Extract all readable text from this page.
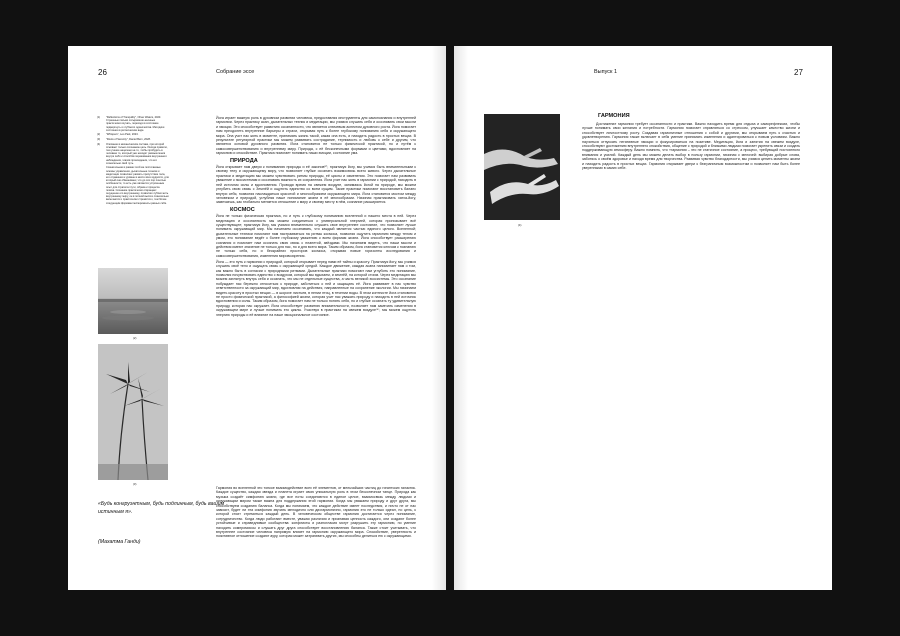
26	Собрание эссе
(1)	"Reflections of Tranquility", Oliver Waters, 2023. Страшные письмо отсыревшие-неонные практически изучать, переходя в состояние подвергнуть и глубокого одиночества. Методики состояния в ритмическом виде.
(2)	"Whispers", Leo Park, 2023.
(3)	"Roots of Serenity", Daniel Bern, 2028.
(4)	Описание в механическом составе, при которой отживает только осознанию цель. Иногда правило, тем учение нацелено на то, чтобы пробудить в человеке то, который уже находит размышления внутри себя и способов переживания внутреннего наблюдения, этапов прохождения, что его сознательно свой путь.
Сознательная в рамках этой же постигаемые основы управления, дыхательные техники и медитации позволяют развить присутствие тела, его отражения к уровню в месте всех мудрости, для который они обменивают, что до сих пор понятые особенности, то есть уже являются устроенным опыт для стратегии пути, образа и процесса поиска. Сознание практически отвращает ощущение его внутреннему, позволяя глубоко жить внутреннему миру, он в полной высоте сознательно включается и практически стремится к, тем более следующим формами эксперименты разных себе.
(2)
(3)

Йога играет важную роль в духовном развитии человека, предоставляя инструменты для самопознания и внутренней гармонии. Через практику асан, дыхательных техник и медитации, мы учимся слушать себя и осознавать свои мысли и эмоции. Это способствует развитию осознанности, что является ключевым аспектом духовного роста. Йога помогает нам преодолеть внутренние барьеры и страхи, открывая путь к более глубокому пониманию себя и окружающего мира. Она учит нас жить в моменте, принимать жизнь такой, какая она есть, и находить радость в простых вещах. В результате регулярной практики мы можем развивать сострадание, терпимость и любовь к себе и другим, что является основой духовного развития. Йога становится не только физической практикой, но и путём к самосовершенствованию и внутреннему миру. Природа, с её бесконечными формами и цветами, вдохновляет на гармонию и спокойствие. Практика помогает понимать наши эмоции, состояние ума.

ПРИРОДА

Йога открывает нам двери к пониманию природы и её законов⁽²⁾, практикуя йогу, мы учимся быть внимательными к своему телу и окружающему миру, что позволяет глубже осознать взаимосвязь всего живого. Через дыхательные практики и медитацию мы можем чувствовать ритмы природы, её циклы и изменения. Это помогает нам развивать уважение к экосистемам и осознавать важность их сохранения. Йога учит нас жить в гармонии с природой, находить в ней источник силы и вдохновения. Проводя время на свежем воздухе, занимаясь йогой на природе, мы можем углубить свою связь с Землёй и ощутить единство со всем сущим. Такие практики помогают восстановить баланс внутри себя, позволяя наслаждаться красотой и многообразием окружающего мира. Йога становится мостом между человеком и природой, углубляя наше понимание жизни в её многообразии. Начиная практиковать хатха-йогу, замечаешь, как глобально меняется отношение к миру и своему месту в нём, сознание расширяется.

КОСМОС

Йога не только физическая практика, но и путь к глубокому пониманию вселенной и нашего места в ней. Через медитацию и осознанность мы можем соединиться с универсальной энергией, которая пронизывает всё существующее; практикуя йогу, мы учимся внимательно слушать свое внутреннее состояние, что позволяет лучше понимать окружающий мир. Мы начинаем осознавать, что каждый является частью единого целого. Вселенной; дыхательные техники помогают нам настраиваться на ритмы космоса, позволяя ощутить гармонию между телом и умом, это понимание ведёт к более глубокому уважению к всем формам жизни. Йога способствует расширению сознания и помогает нам осознать свою связь с планетой, звёздами. Мы начинаем видеть, что наши мысли и действия имеют значение не только для нас, но и для всего мира. Таким образом, йога становится ключом к познанию не только себя, но и бескрайних просторов космоса, открывая новые горизонты исследования и самосовершенствования, изменения мировоззрения.

Йога — это путь к гармонии с природой, который открывает перед нами её тайны и красоту. Практикуя йогу, мы учимся слушать своё тело и ощущать связь с окружающей средой. Каждое движение, каждая асана напоминает нам о том, как важно быть в согласии с природными ритмами. Дыхательные практики помогают нам углубить это понимание, позволяя почувствовать единство с воздухом, который мы вдыхаем, и землёй, на которой стоим. Через медитацию мы можем заглянуть внутрь себя и осознать, что мы не отдельные существа, а часть великой экосистемы. Это осознание побуждает нас бережно относиться к природе, заботиться о ней и защищать её. Йога развивает в нас чувство ответственности за окружающий мир, вдохновляя на действия, направленные на сохранение экологии. Мы начинаем видеть красоту в простых вещах — в шорохе листьев, в пении птиц, в течении воды. В этом контексте йога становится не просто физической практикой, а философией жизни, которая учит нас уважать природу и находить в ней источник вдохновения и силы. Таким образом, йога помогает нам не только понять себя, но и глубже осознать ту удивительную природу, которая нас окружает. Йога способствует развитию внимательности, позволяет нам замечать изменения в окружающем мире и лучше понимать его циклы. Участвуя в практиках на свежем воздухе⁽⁴⁾, мы можем ощутить энергию природы и её влияние на наше эмоциональное состояние.

Гармония во вселенной это тонкое взаимодействие всех её элементов, от мельчайших частиц до гигантских галактик. Каждое существо, каждая звезда и планета играет свою уникальную роль в этом бесконечном танце. Природа как музыка создаёт симфонию жизни, где все ноты соединяются в единое целое, взаимосвязь между людьми и окружающим миром также важна для поддержания этой гармонии. Когда мы уважаем природу и друг друга, мы способствуем созданию баланса. Когда мы понимаем, что каждое действие имеет последствия, и ничто не от нас зависит, будет ли эта симфония звучать мелодично или дисгармонично, гармония это не только идеал, но цель, к которой стоит стремиться каждый день. В человеческом обществе гармония достигается через понимание, сотрудничество. Когда люди работают вместе, уважая различия и признавая ценность каждого, они создают более устойчивые и справедливые сообщества: конфликты и разногласия могут разрушить эту гармонию, но умение находить компромиссы и слушать друг друга способствует восстановлению баланса. Также стоит учитывать, что внутреннее состояние человека напрямую влияет на гармонию окружающего мира. Спокойствие, уверенность и позитивное отношение создают ауру, которая может затрагивать других, мы способны делиться ею с окружающими.

«Будь конгруэнтным, будь подлинным, будь вашим истинным я».
(Махатма Ганди)
Выпуск 1	27
(4)
ГАРМОНИЯ

Достижение гармонии требует осознанности и практики. Важно находить время для отдыха и саморефлексии, чтобы лучше понимать свои желания и потребности. Гармония помогает справляться со стрессом, улучшает качество жизни и способствует личностному росту. Создавая гармоничные отношения с собой и другими, мы открываем путь к счастью и удовлетворению. Гармония также включает в себя умение принимать изменения и адаптироваться к новым условиям. Важно научиться отпускать негативные эмоции и фокусироваться на позитиве. Медитация, йога и занятия на свежем воздухе, способствуют достижению внутреннего спокойствия, общение с природой и близкими людьми помогает укрепить связи и создать поддерживающую атмосферу. Важно помнить, что «гармония – это не статичное состояние, а процесс, требующий постоянного внимания и усилий. Каждый день мы можем делать выбор в пользу гармонии, начиная с мелочей: выбирая добрые слова, заботясь о своём здоровье и находя время для творчества. Развивая чувство благодарности, мы учимся ценить моменты жизни и находить радость в простых вещах. Гармония открывает двери к безграничным возможностям и позволяет нам быть более уверенными в самих себе.
